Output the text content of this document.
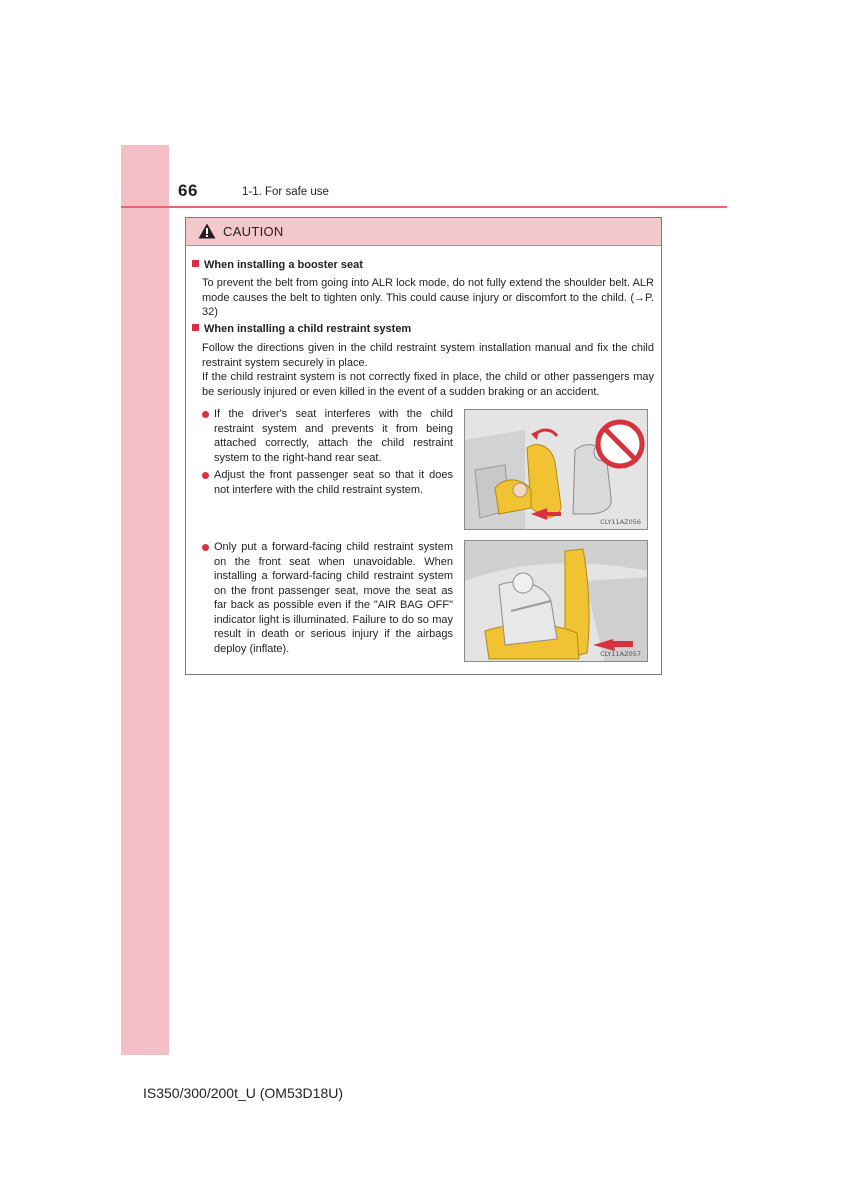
66	1-1. For safe use
CAUTION
When installing a booster seat
To prevent the belt from going into ALR lock mode, do not fully extend the shoulder belt. ALR mode causes the belt to tighten only. This could cause injury or discomfort to the child. (→P. 32)
When installing a child restraint system
Follow the directions given in the child restraint system installation manual and fix the child restraint system securely in place.
If the child restraint system is not correctly fixed in place, the child or other passengers may be seriously injured or even killed in the event of a sudden braking or an accident.
If the driver's seat interferes with the child restraint system and prevents it from being attached correctly, attach the child restraint system to the right-hand rear seat.
Adjust the front passenger seat so that it does not interfere with the child restraint system.
Only put a forward-facing child restraint system on the front seat when unavoidable. When installing a forward-facing child restraint system on the front passenger seat, move the seat as far back as possible even if the "AIR BAG OFF" indicator light is illuminated. Failure to do so may result in death or serious injury if the airbags deploy (inflate).
CLY11AZ056
CLY11AZ057
IS350/300/200t_U (OM53D18U)
